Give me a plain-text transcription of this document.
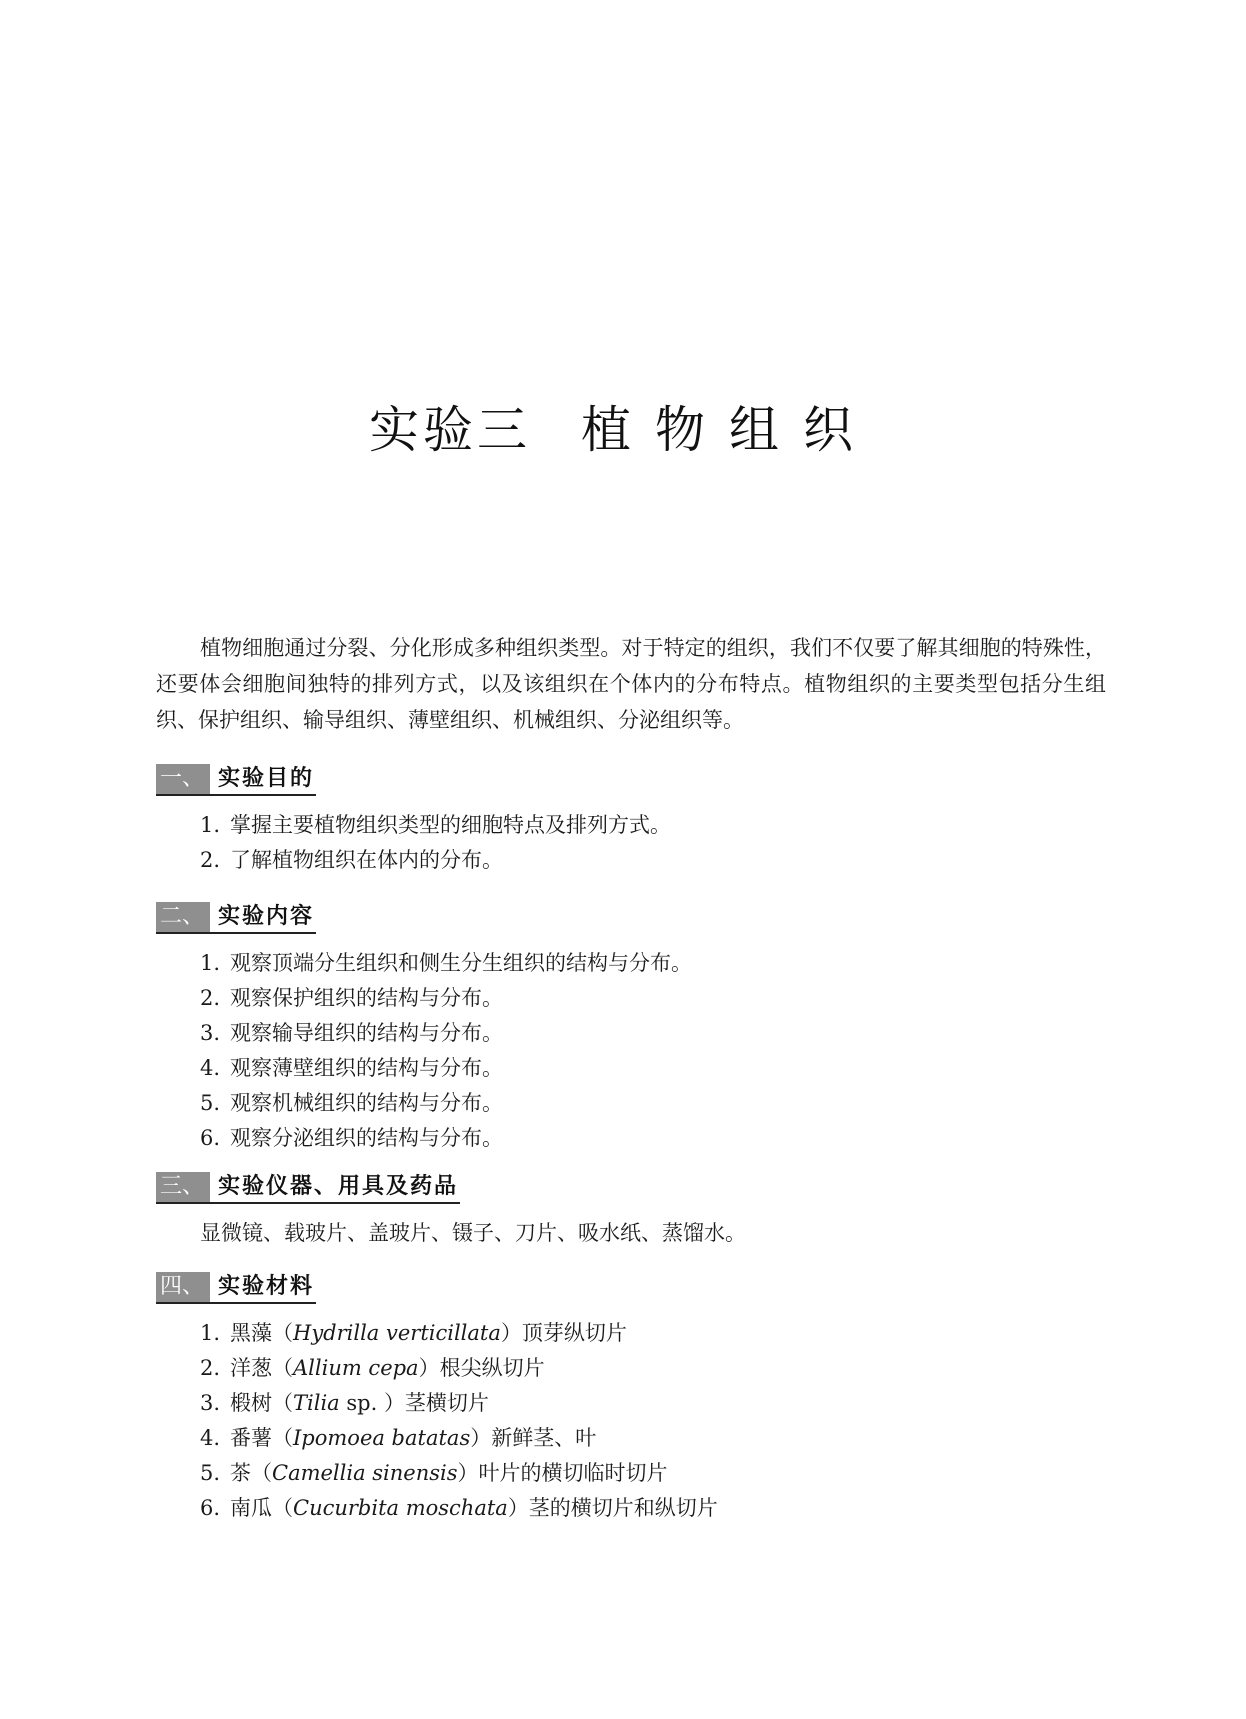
实验三 植物组织

植物细胞通过分裂、分化形成多种组织类型。对于特定的组织，我们不仅要了解其细胞的特殊性，还要体会细胞间独特的排列方式，以及该组织在个体内的分布特点。植物组织的主要类型包括分生组织、保护组织、输导组织、薄壁组织、机械组织、分泌组织等。

一、 实验目的
1. 掌握主要植物组织类型的细胞特点及排列方式。
2. 了解植物组织在体内的分布。
二、 实验内容
1. 观察顶端分生组织和侧生分生组织的结构与分布。
2. 观察保护组织的结构与分布。
3. 观察输导组织的结构与分布。
4. 观察薄壁组织的结构与分布。
5. 观察机械组织的结构与分布。
6. 观察分泌组织的结构与分布。
三、 实验仪器、用具及药品
显微镜、载玻片、盖玻片、镊子、刀片、吸水纸、蒸馏水。
四、 实验材料
1. 黑藻（Hydrilla verticillata）顶芽纵切片
2. 洋葱（Allium cepa）根尖纵切片
3. 椴树（Tilia sp. ）茎横切片
4. 番薯（Ipomoea batatas）新鲜茎、叶
5. 茶（Camellia sinensis）叶片的横切临时切片
6. 南瓜（Cucurbita moschata）茎的横切片和纵切片
